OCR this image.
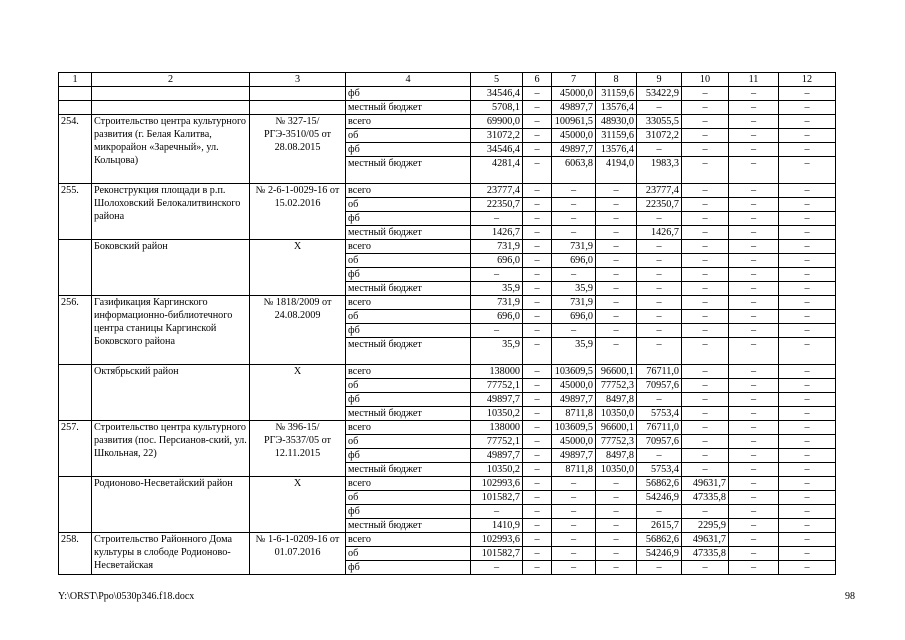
1	2	3	4	5	6	7	8	9	10	11	12
			фб	34546,4	–	45000,0	31159,6	53422,9	–	–	–
			местный бюджет	5708,1	–	49897,7	13576,4	–	–	–	–
254.	Строительство центра культурного развития (г. Белая Калитва, микрорайон «Заречный», ул. Кольцова)	№ 327-15/ РГЭ-3510/05 от 28.08.2015	всего	69900,0	–	100961,5	48930,0	33055,5	–	–	–
			об	31072,2	–	45000,0	31159,6	31072,2	–	–	–
			фб	34546,4	–	49897,7	13576,4	–	–	–	–
			местный бюджет	4281,4	–	6063,8	4194,0	1983,3	–	–	–
255.	Реконструкция площади в р.п. Шолоховский Белокалитвинского района	№ 2-6-1-0029-16 от 15.02.2016	всего	23777,4	–	–	–	23777,4	–	–	–
			об	22350,7	–	–	–	22350,7	–	–	–
			фб	–	–	–	–	–	–	–	–
			местный бюджет	1426,7	–	–	–	1426,7	–	–	–
	Боковский район	Х	всего	731,9	–	731,9	–	–	–	–	–
			об	696,0	–	696,0	–	–	–	–	–
			фб	–	–	–	–	–	–	–	–
			местный бюджет	35,9	–	35,9	–	–	–	–	–
256.	Газификация Каргинского информационно-библиотечного центра станицы Каргинской Боковского района	№ 1818/2009 от 24.08.2009	всего	731,9	–	731,9	–	–	–	–	–
			об	696,0	–	696,0	–	–	–	–	–
			фб	–	–	–	–	–	–	–	–
			местный бюджет	35,9	–	35,9	–	–	–	–	–
	Октябрьский район	Х	всего	138000	–	103609,5	96600,1	76711,0	–	–	–
			об	77752,1	–	45000,0	77752,3	70957,6	–	–	–
			фб	49897,7	–	49897,7	8497,8	–	–	–	–
			местный бюджет	10350,2	–	8711,8	10350,0	5753,4	–	–	–
257.	Строительство центра культурного развития (пос. Персианов-ский, ул. Школьная, 22)	№ 396-15/ РГЭ-3537/05 от 12.11.2015	всего	138000	–	103609,5	96600,1	76711,0	–	–	–
			об	77752,1	–	45000,0	77752,3	70957,6	–	–	–
			фб	49897,7	–	49897,7	8497,8	–	–	–	–
			местный бюджет	10350,2	–	8711,8	10350,0	5753,4	–	–	–
	Родионово-Несветайский район	Х	всего	102993,6	–	–	–	56862,6	49631,7	–	–
			об	101582,7	–	–	–	54246,9	47335,8	–	–
			фб	–	–	–	–	–	–	–	–
			местный бюджет	1410,9	–	–	–	2615,7	2295,9	–	–
258.	Строительство Районного Дома культуры в слободе Родионово-Несветайская	№ 1-6-1-0209-16 от 01.07.2016	всего	102993,6	–	–	–	56862,6	49631,7	–	–
			об	101582,7	–	–	–	54246,9	47335,8	–	–
			фб	–	–	–	–	–	–	–	–
Y:\ORST\Ppo\0530p346.f18.docx	98
